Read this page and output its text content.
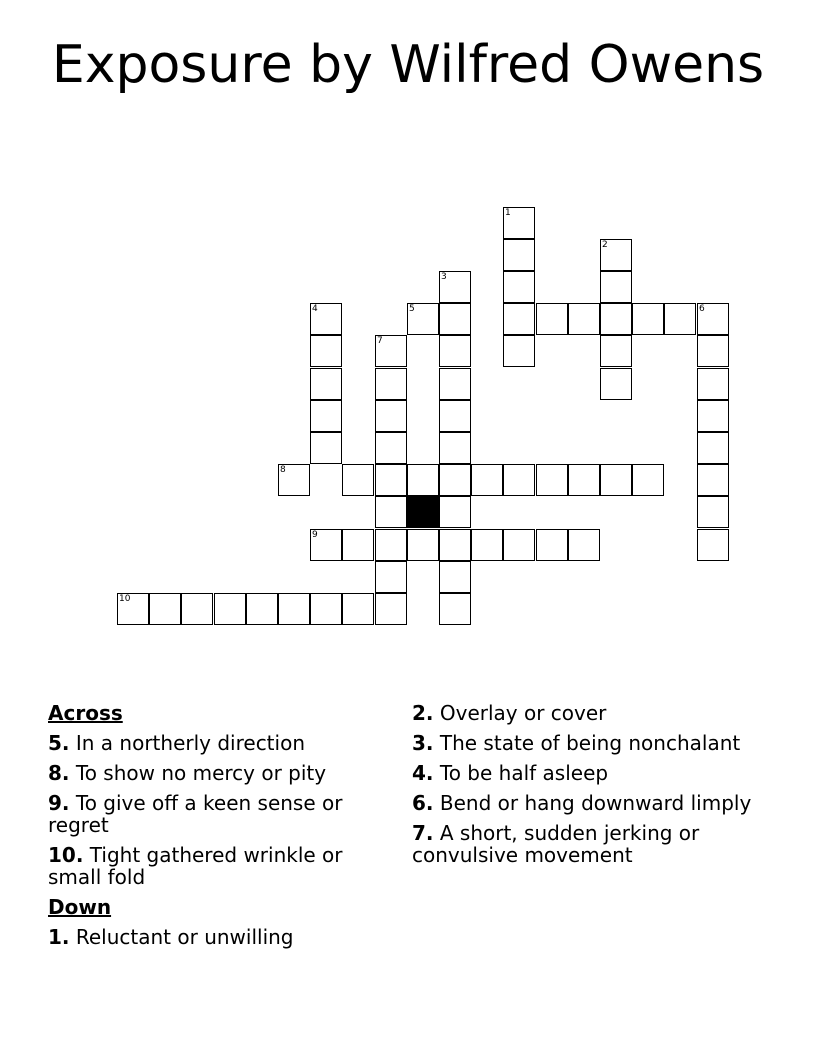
Exposure by Wilfred Owens
1
2
3
4	5	6
7
8
9
10
Across
5. In a northerly direction
8. To show no mercy or pity
9. To give off a keen sense or regret
10. Tight gathered wrinkle or small fold
Down
1. Reluctant or unwilling
2. Overlay or cover
3. The state of being nonchalant
4. To be half asleep
6. Bend or hang downward limply
7. A short, sudden jerking or convulsive movement
